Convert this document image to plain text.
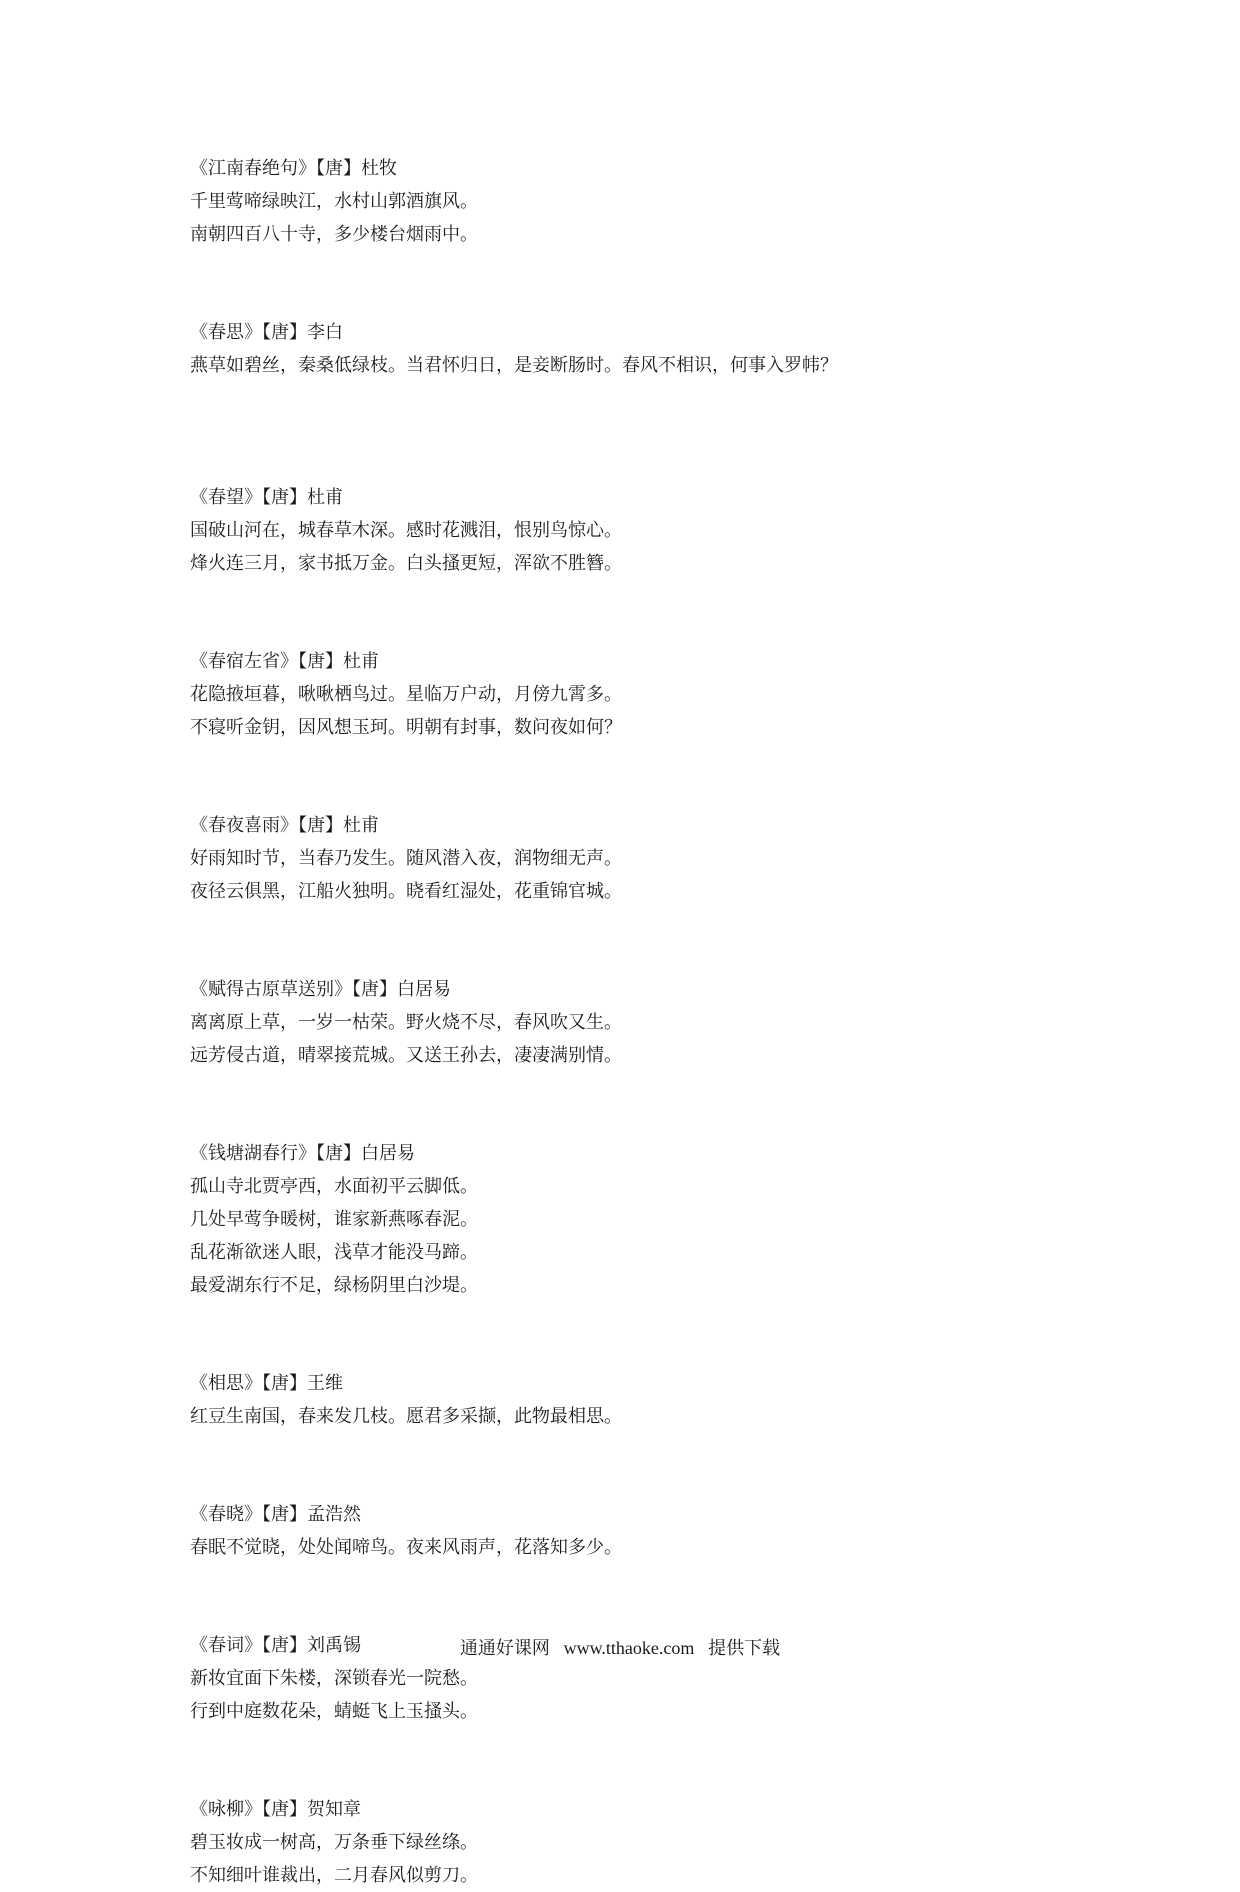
《江南春绝句》【唐】杜牧
千里莺啼绿映江，水村山郭酒旗风。
南朝四百八十寺，多少楼台烟雨中。
《春思》【唐】李白
燕草如碧丝，秦桑低绿枝。当君怀归日，是妾断肠时。春风不相识，何事入罗帏？
《春望》【唐】杜甫
国破山河在，城春草木深。感时花溅泪，恨别鸟惊心。
烽火连三月，家书抵万金。白头搔更短，浑欲不胜簪。
《春宿左省》【唐】杜甫
花隐掖垣暮，啾啾栖鸟过。星临万户动，月傍九霄多。
不寝听金钥，因风想玉珂。明朝有封事，数问夜如何？
《春夜喜雨》【唐】杜甫
好雨知时节，当春乃发生。随风潜入夜，润物细无声。
夜径云俱黑，江船火独明。晓看红湿处，花重锦官城。
《赋得古原草送别》【唐】白居易
离离原上草，一岁一枯荣。野火烧不尽，春风吹又生。
远芳侵古道，晴翠接荒城。又送王孙去，凄凄满别情。
《钱塘湖春行》【唐】白居易
孤山寺北贾亭西，水面初平云脚低。
几处早莺争暖树，谁家新燕啄春泥。
乱花渐欲迷人眼，浅草才能没马蹄。
最爱湖东行不足，绿杨阴里白沙堤。
《相思》【唐】王维
红豆生南国，春来发几枝。愿君多采撷，此物最相思。
《春晓》【唐】孟浩然
春眠不觉晓，处处闻啼鸟。夜来风雨声，花落知多少。
《春词》【唐】刘禹锡
新妆宜面下朱楼，深锁春光一院愁。
行到中庭数花朵，蜻蜓飞上玉搔头。
《咏柳》【唐】贺知章
碧玉妆成一树高，万条垂下绿丝绦。
不知细叶谁裁出，二月春风似剪刀。
通通好课网 www.tthaoke.com 提供下载
